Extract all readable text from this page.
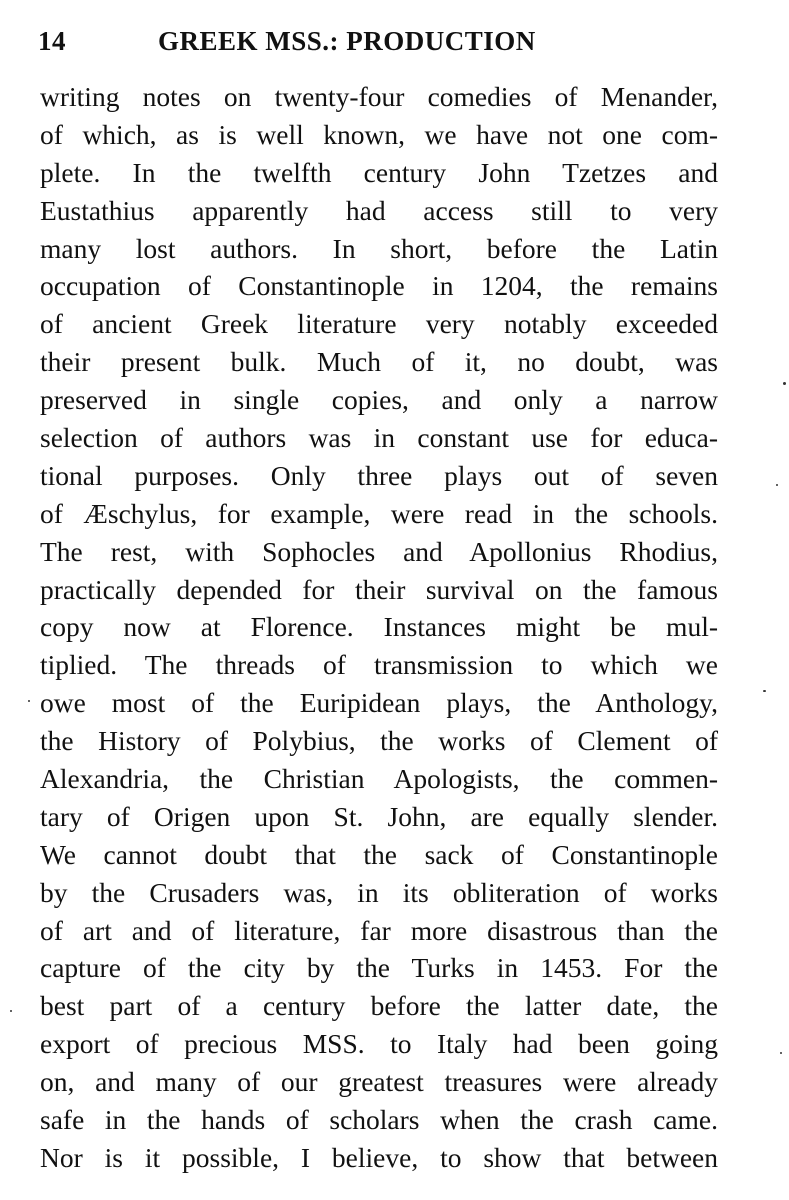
14	GREEK MSS.: PRODUCTION
writing notes on twenty-four comedies of Menander,
of which, as is well known, we have not one com-
plete. In the twelfth century John Tzetzes and
Eustathius apparently had access still to very
many lost authors. In short, before the Latin
occupation of Constantinople in 1204, the remains
of ancient Greek literature very notably exceeded
their present bulk. Much of it, no doubt, was
preserved in single copies, and only a narrow
selection of authors was in constant use for educa-
tional purposes. Only three plays out of seven
of Æschylus, for example, were read in the schools.
The rest, with Sophocles and Apollonius Rhodius,
practically depended for their survival on the famous
copy now at Florence. Instances might be mul-
tiplied. The threads of transmission to which we
owe most of the Euripidean plays, the Anthology,
the History of Polybius, the works of Clement of
Alexandria, the Christian Apologists, the commen-
tary of Origen upon St. John, are equally slender.
We cannot doubt that the sack of Constantinople
by the Crusaders was, in its obliteration of works
of art and of literature, far more disastrous than the
capture of the city by the Turks in 1453. For the
best part of a century before the latter date, the
export of precious MSS. to Italy had been going
on, and many of our greatest treasures were already
safe in the hands of scholars when the crash came.
Nor is it possible, I believe, to show that between
